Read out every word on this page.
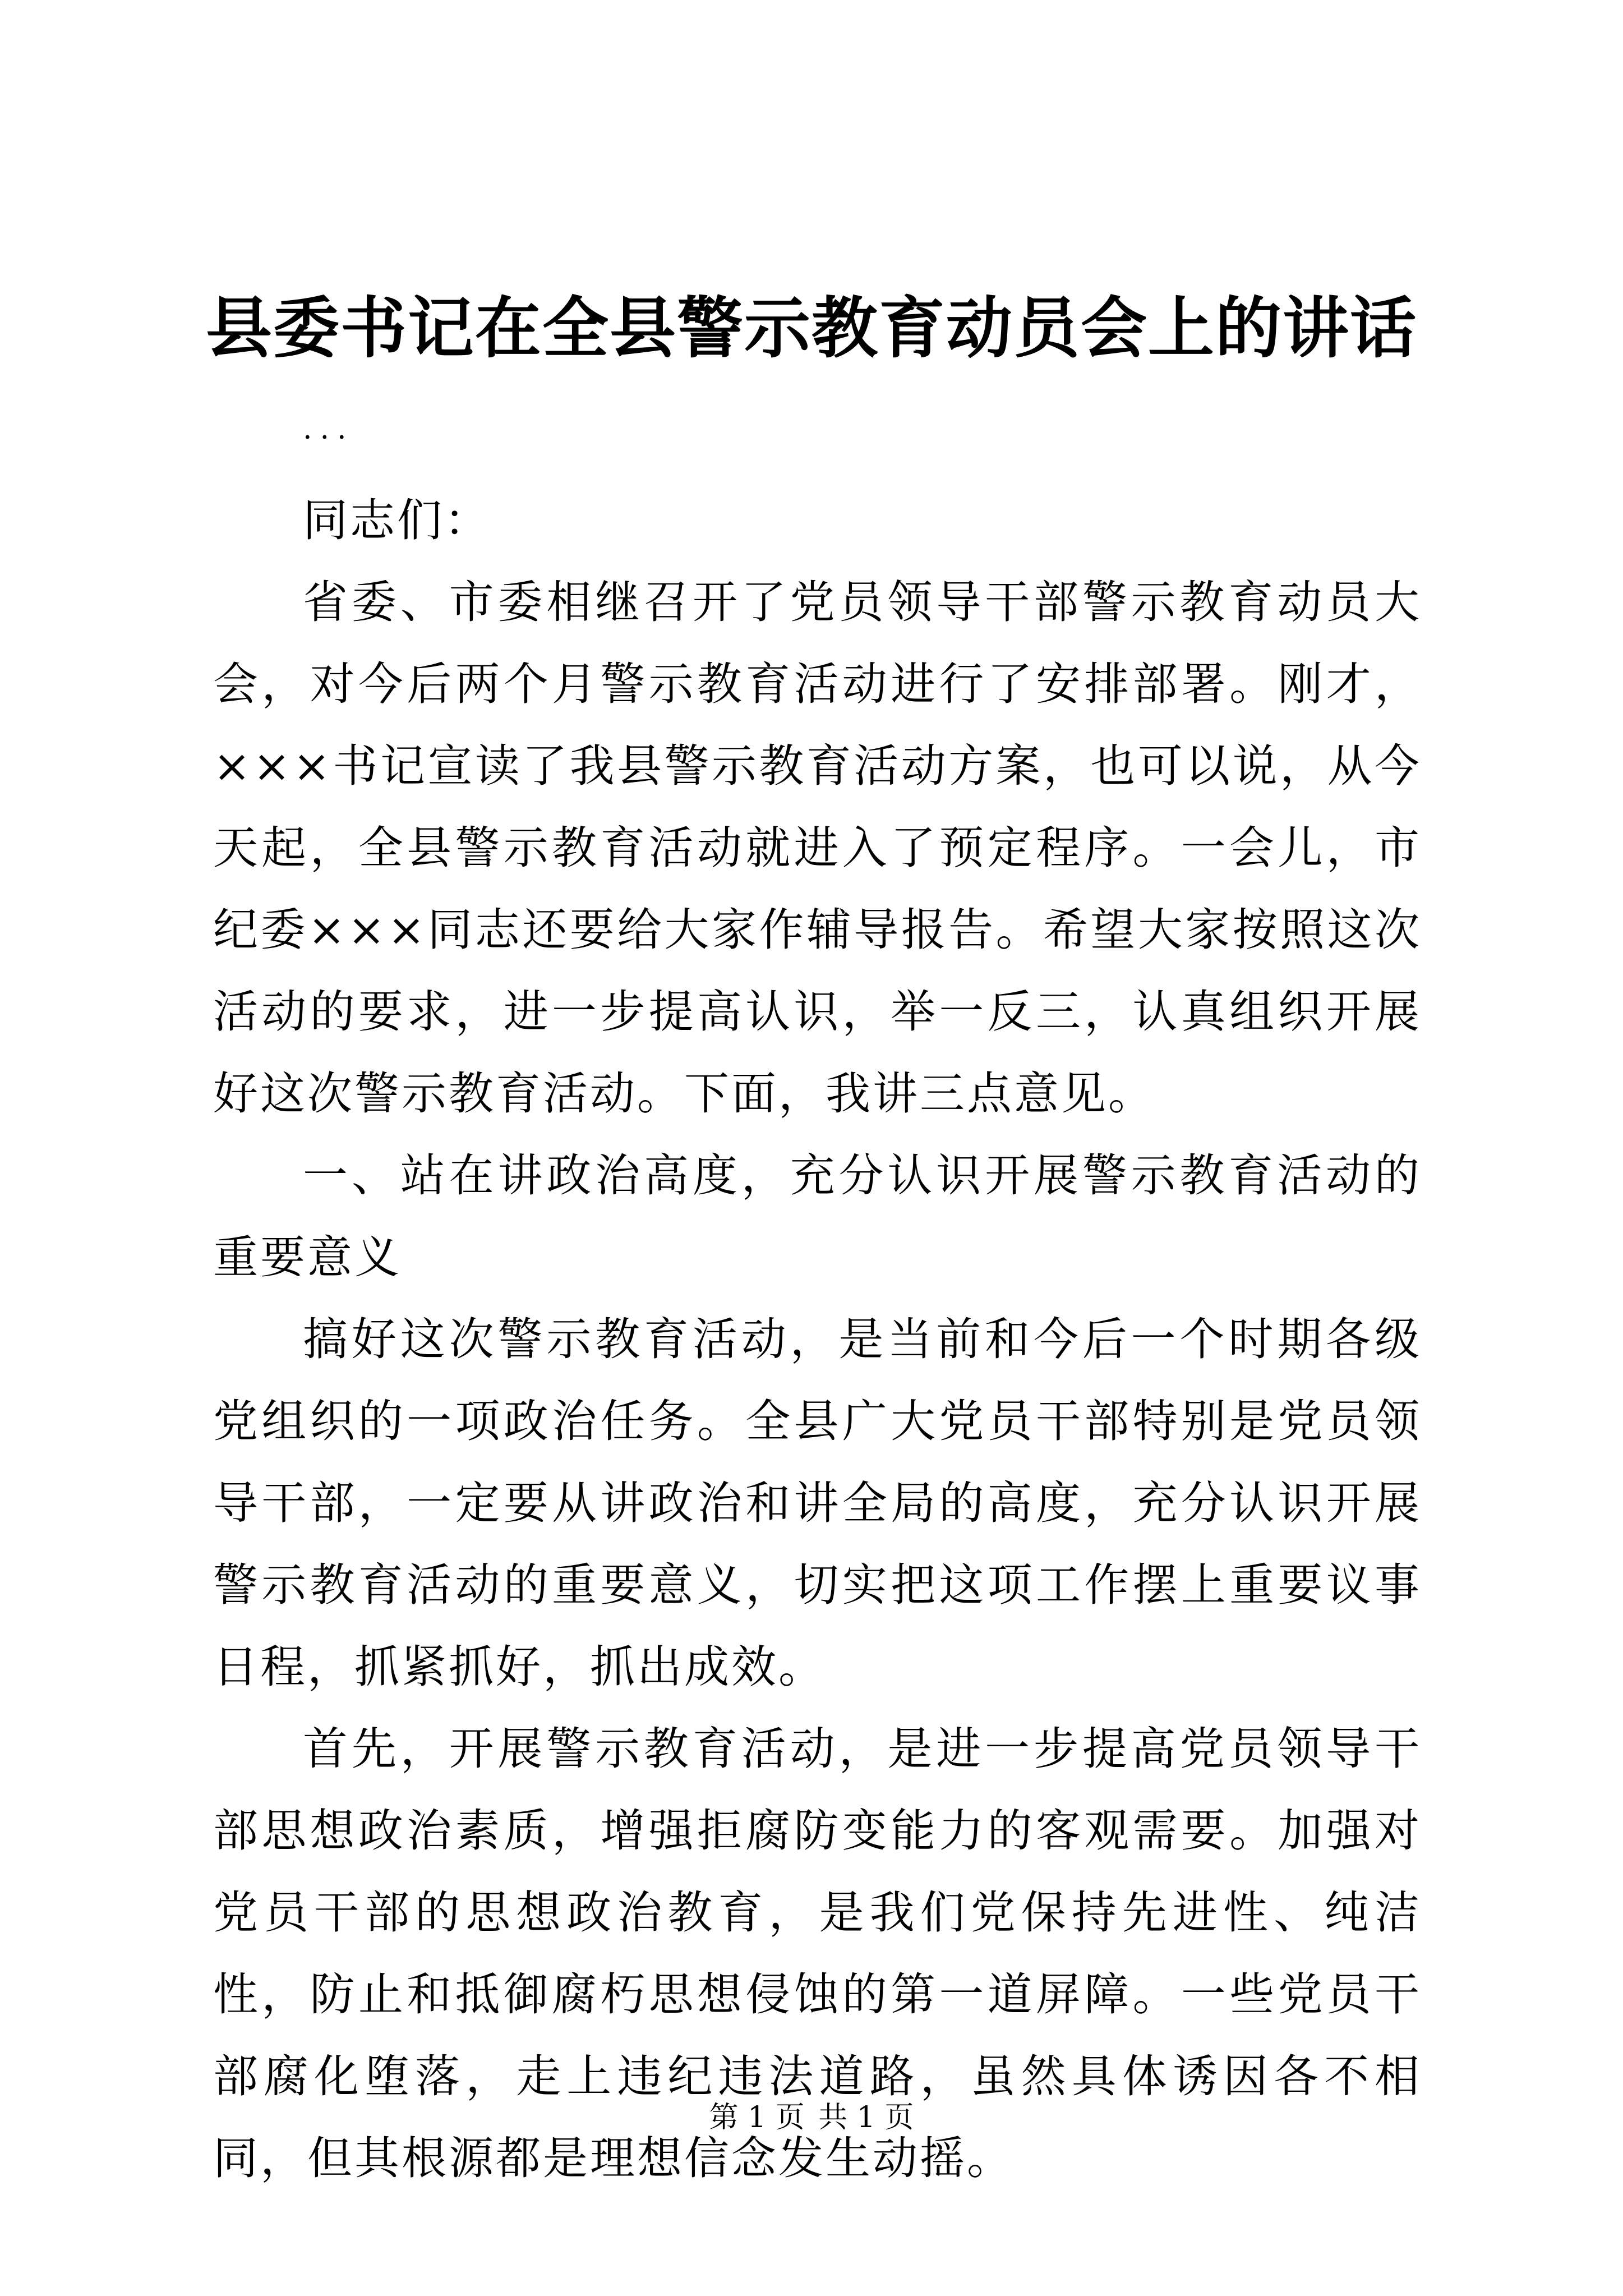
县委书记在全县警示教育动员会上的讲话
...

同志们：

省委、市委相继召开了党员领导干部警示教育动员大会，对今后两个月警示教育活动进行了安排部署。刚才，×××书记宣读了我县警示教育活动方案，也可以说，从今天起，全县警示教育活动就进入了预定程序。一会儿，市纪委×××同志还要给大家作辅导报告。希望大家按照这次活动的要求，进一步提高认识，举一反三，认真组织开展好这次警示教育活动。下面，我讲三点意见。

一、站在讲政治高度，充分认识开展警示教育活动的重要意义

搞好这次警示教育活动，是当前和今后一个时期各级党组织的一项政治任务。全县广大党员干部特别是党员领导干部，一定要从讲政治和讲全局的高度，充分认识开展警示教育活动的重要意义，切实把这项工作摆上重要议事日程，抓紧抓好，抓出成效。

首先，开展警示教育活动，是进一步提高党员领导干部思想政治素质，增强拒腐防变能力的客观需要。加强对党员干部的思想政治教育，是我们党保持先进性、纯洁性，防止和抵御腐朽思想侵蚀的第一道屏障。一些党员干部腐化堕落，走上违纪违法道路，虽然具体诱因各不相同，但其根源都是理想信念发生动摇。

第 1 页 共 1 页
